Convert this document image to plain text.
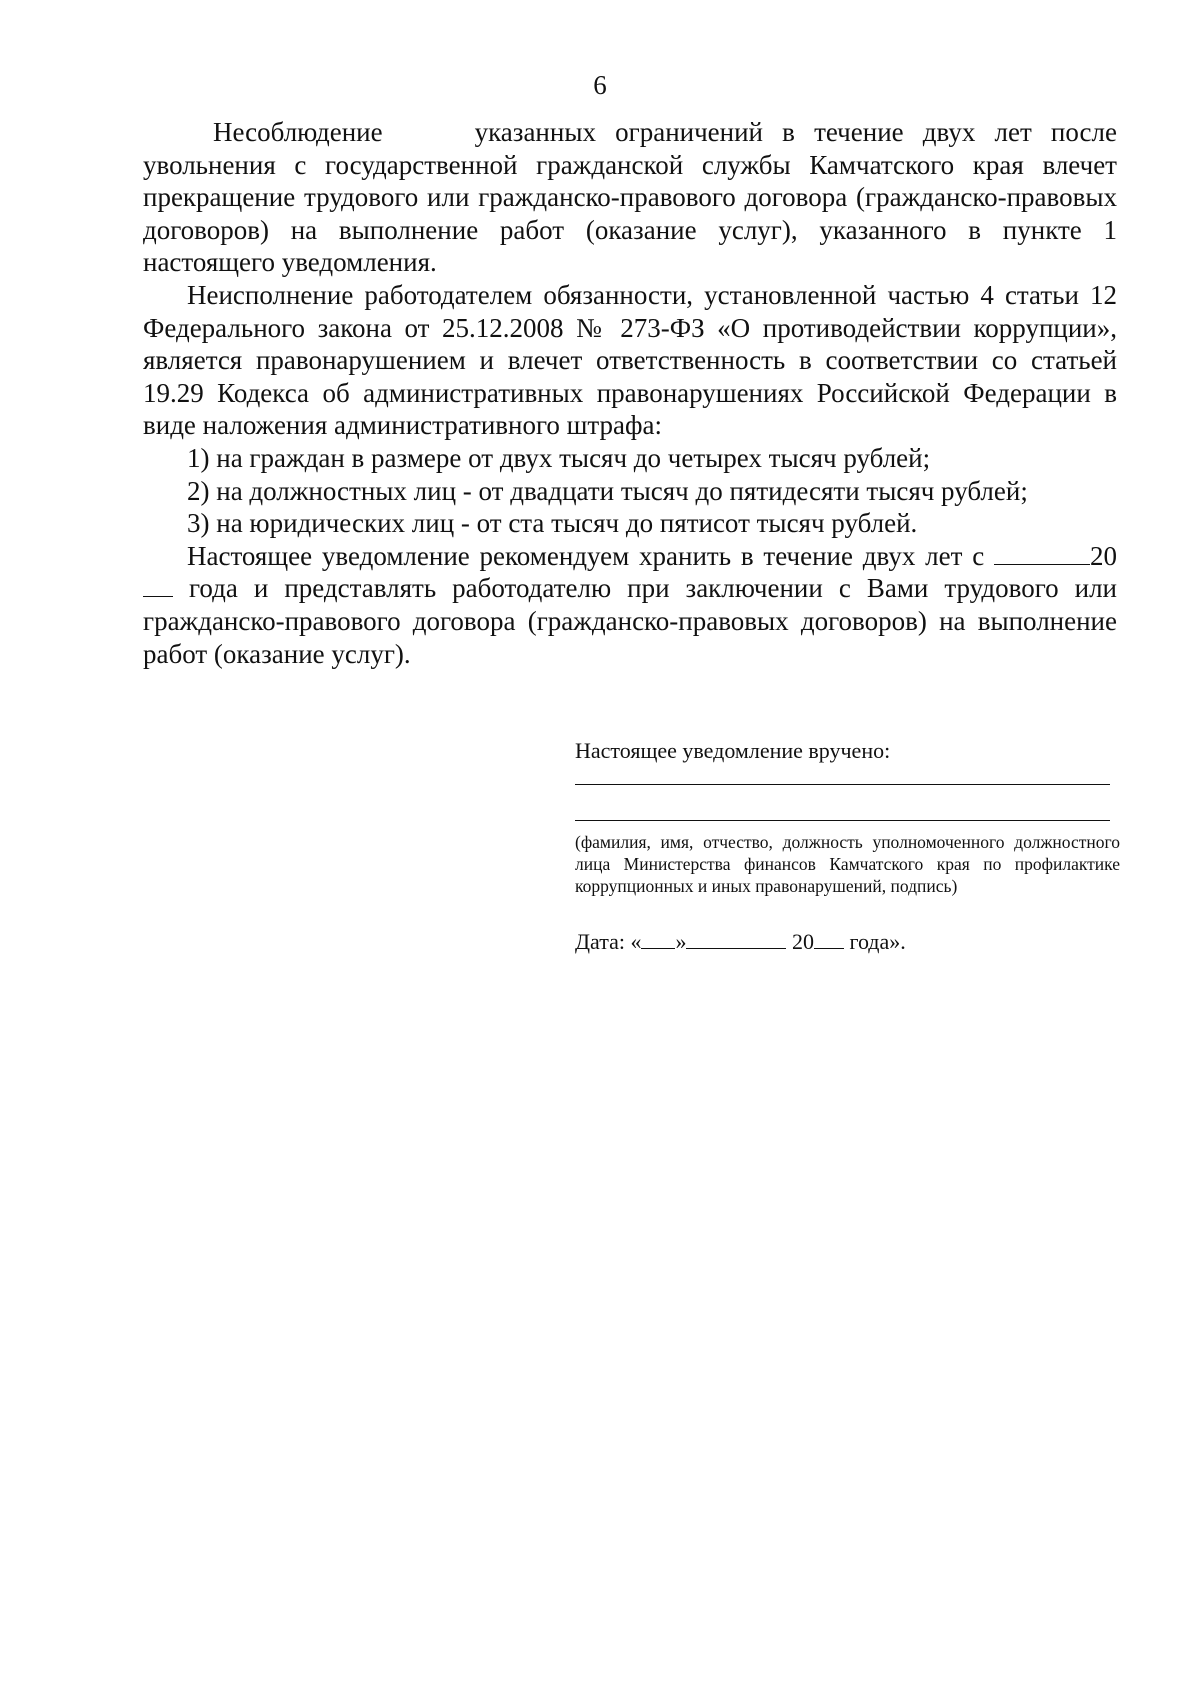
6

Несоблюдение	указанных ограничений в течение двух лет после увольнения с государственной гражданской службы Камчатского края влечет прекращение трудового или гражданско-правового договора (гражданско-правовых договоров) на выполнение работ (оказание услуг), указанного в пункте 1 настоящего уведомления.

Неисполнение работодателем обязанности, установленной частью 4 статьи 12 Федерального закона от 25.12.2008 № 273-ФЗ «О противодействии коррупции», является правонарушением и влечет ответственность в соответствии со статьей 19.29 Кодекса об административных правонарушениях Российской Федерации в виде наложения административного штрафа:

1) на граждан в размере от двух тысяч до четырех тысяч рублей;

2) на должностных лиц - от двадцати тысяч до пятидесяти тысяч рублей;

3) на юридических лиц - от ста тысяч до пятисот тысяч рублей.

Настоящее уведомление рекомендуем хранить в течение двух лет с	20 года и представлять работодателю при заключении с Вами трудового или гражданско-правового договора (гражданско-правовых договоров) на выполнение работ (оказание услуг).

Настоящее уведомление вручено:
(фамилия, имя, отчество, должность уполномоченного должностного лица Министерства финансов Камчатского края по профилактике коррупционных и иных правонарушений, подпись)
Дата: « »	20 года».
